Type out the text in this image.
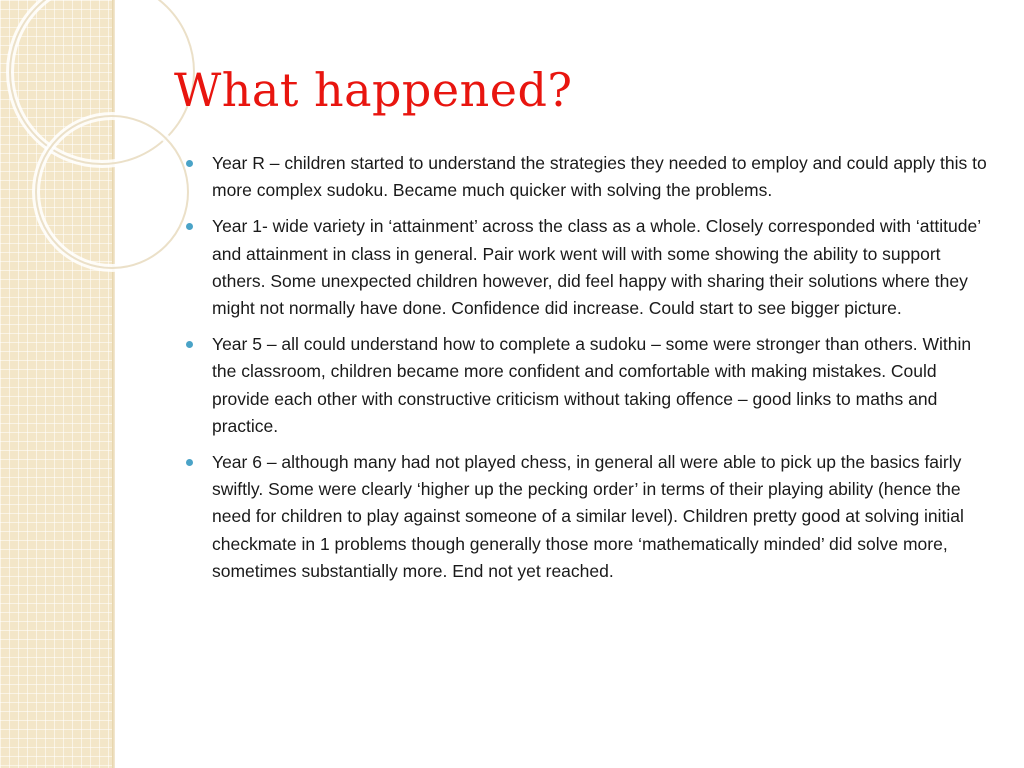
What happened?
Year R – children started to understand the strategies they needed to employ and could apply this to more complex sudoku. Became much quicker with solving the problems.
Year 1- wide variety in ‘attainment’ across the class as a whole. Closely corresponded with ‘attitude’ and attainment in class in general. Pair work went will with some showing the ability to support others. Some unexpected children however, did feel happy with sharing their solutions where they might not normally have done. Confidence did increase. Could start to see bigger picture.
Year 5 – all could understand how to complete a sudoku – some were stronger than others. Within the classroom, children became more confident and comfortable with making mistakes. Could provide each other with constructive criticism without taking offence – good links to maths and practice.
Year 6 – although many had not played chess, in general all were able to pick up the basics fairly swiftly. Some were clearly ‘higher up the pecking order’ in terms of their playing ability (hence the need for children to play against someone of a similar level). Children pretty good at solving initial checkmate in 1 problems though generally those more ‘mathematically minded’ did solve more, sometimes substantially more. End not yet reached.
